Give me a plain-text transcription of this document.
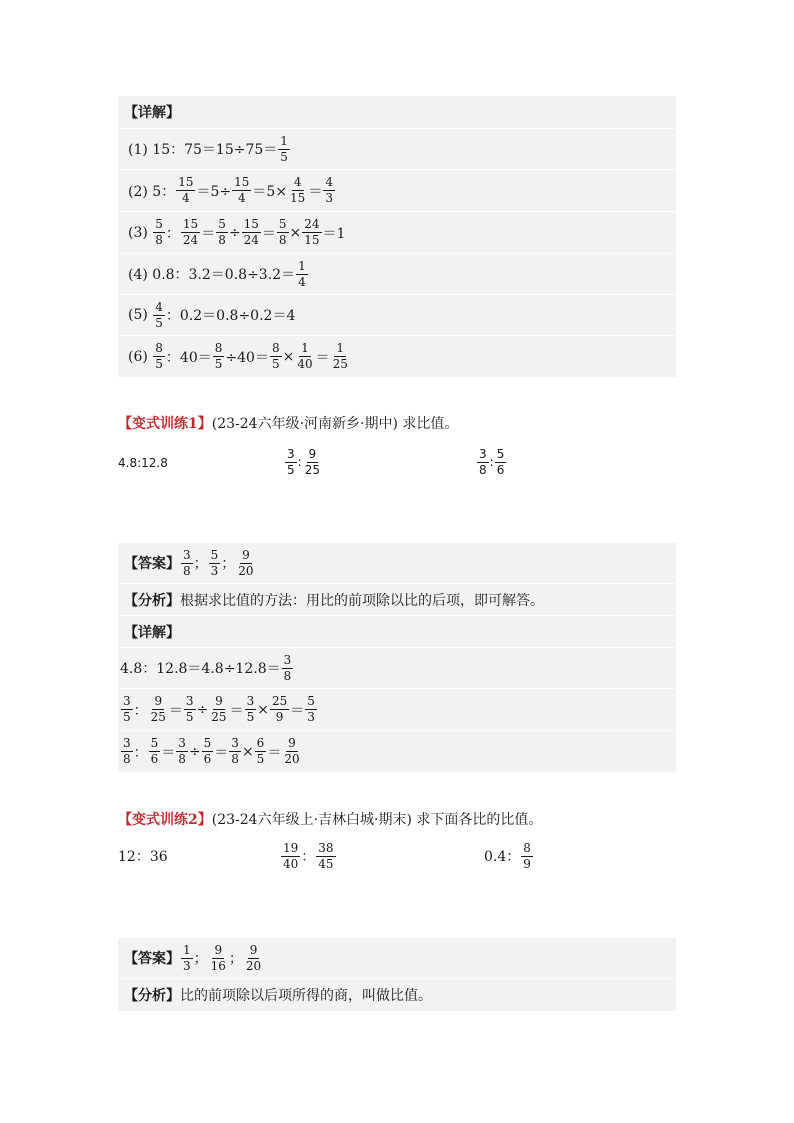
【详解】
(1) 15：$75=15\div 75= \frac{1}{5}$
(2) 5： $\frac{15}{4} =5\div \frac{15}{4} =5\times \frac{4}{15} = \frac{4}{3}$
$(3) \frac{5}{8}$ ： $\frac{15}{24} = \frac{5}{8} \div \frac{15}{24} = \frac{5}{8} \times \frac{24}{15} =1$
(4) 0.8：$3.2=0.8\div 3.2= \frac{1}{4}$
$(5) \frac{4}{5}$ ：0.2＝0.8÷0.2＝4
$(6) \frac{8}{5}$ ：$40= \frac{8}{5} \div 40= \frac{8}{5} \times \frac{1}{40} = \frac{1}{25}$
【变式训练1】 (23-24六年级·河南新乡·期中) 求比值。
4.8:12.8	$\frac{3}{5}$ : $\frac{9}{25}$	$\frac{3}{8}$ : $\frac{5}{6}$
【答案】 $\frac{3}{8}$ ； $\frac{5}{3}$ ； $\frac{9}{20}$
【分析】 根据求比值的方法：用比的前项除以比的后项，即可解答。
【详解】
4.8：$12.8=4.8\div 12.8= \frac{3}{8}$
$\frac{3}{5}$ ： $\frac{9}{25} = \frac{3}{5} \div \frac{9}{25} = \frac{3}{5} \times \frac{25}{9} = \frac{5}{3}$
$\frac{3}{8}$ ： $\frac{5}{6} = \frac{3}{8} \div \frac{5}{6} = \frac{3}{8} \times \frac{6}{5} = \frac{9}{20}$
【变式训练2】 (23-24六年级上·吉林白城·期末) 求下面各比的比值。
12：36	$\frac{19}{40}$ ： $\frac{38}{45}$	0.4： $\frac{8}{9}$
【答案】 $\frac{1}{3}$ ； $\frac{9}{16}$ ； $\frac{9}{20}$
【分析】 比的前项除以后项所得的商，叫做比值。
